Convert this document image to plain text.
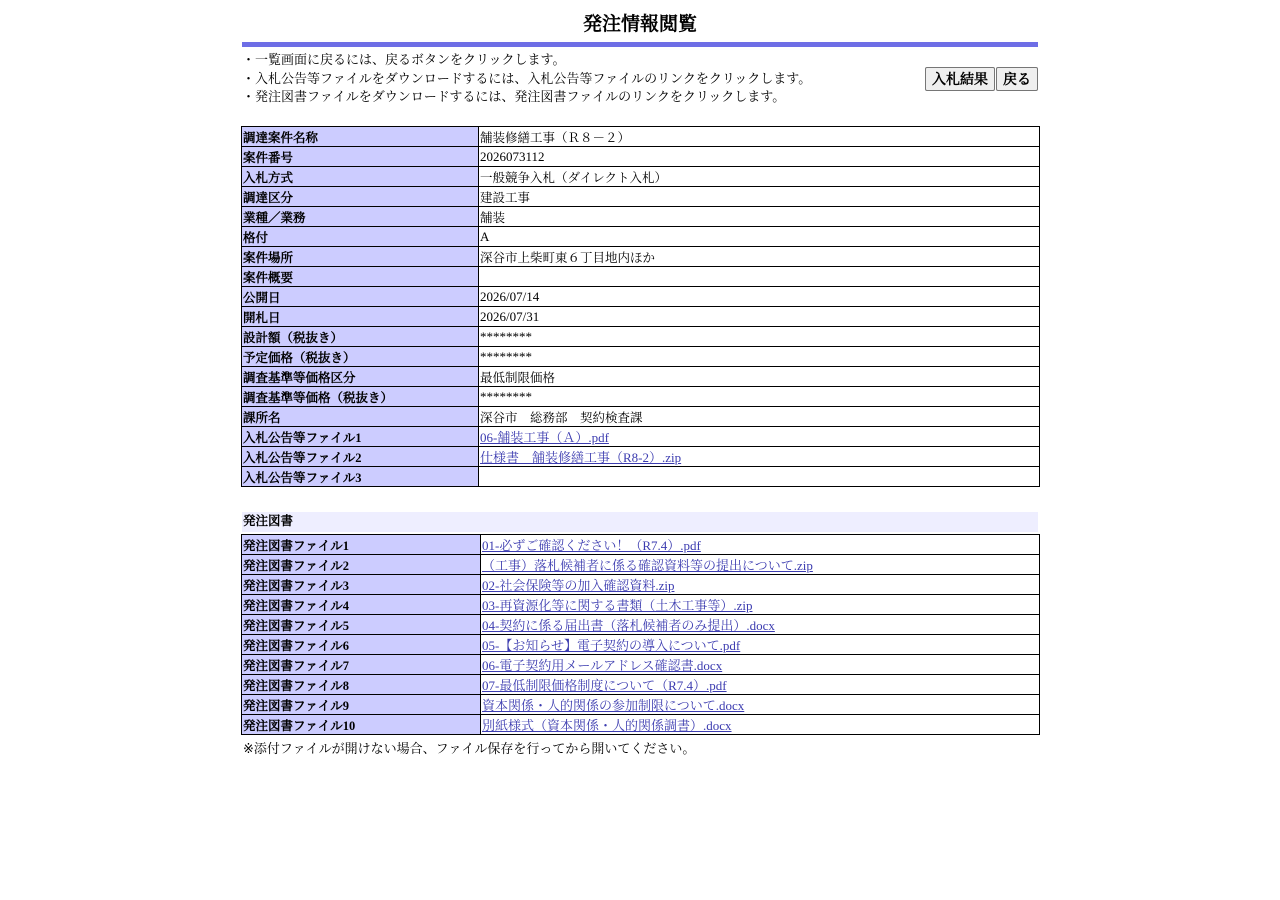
発注情報閲覧
・一覧画面に戻るには、戻るボタンをクリックします。
・入札公告等ファイルをダウンロードするには、入札公告等ファイルのリンクをクリックします。
・発注図書ファイルをダウンロードするには、発注図書ファイルのリンクをクリックします。
入札結果 戻る
調達案件名称	舗装修繕工事（Ｒ８－２）
案件番号	2026073112
入札方式	一般競争入札（ダイレクト入札）
調達区分	建設工事
業種／業務	舗装
格付	A
案件場所	深谷市上柴町東６丁目地内ほか
案件概要	
公開日	2026/07/14
開札日	2026/07/31
設計額（税抜き）	********
予定価格（税抜き）	********
調査基準等価格区分	最低制限価格
調査基準等価格（税抜き）	********
課所名	深谷市　総務部　契約検査課
入札公告等ファイル1	06-舗装工事（Ａ）.pdf
入札公告等ファイル2	仕様書　舗装修繕工事（R8-2）.zip
入札公告等ファイル3	
発注図書
発注図書ファイル1	01-必ずご確認ください！（R7.4）.pdf
発注図書ファイル2	（工事）落札候補者に係る確認資料等の提出について.zip
発注図書ファイル3	02-社会保険等の加入確認資料.zip
発注図書ファイル4	03-再資源化等に関する書類（土木工事等）.zip
発注図書ファイル5	04-契約に係る届出書（落札候補者のみ提出）.docx
発注図書ファイル6	05-【お知らせ】電子契約の導入について.pdf
発注図書ファイル7	06-電子契約用メールアドレス確認書.docx
発注図書ファイル8	07-最低制限価格制度について（R7.4）.pdf
発注図書ファイル9	資本関係・人的関係の参加制限について.docx
発注図書ファイル10	別紙様式（資本関係・人的関係調書）.docx
※添付ファイルが開けない場合、ファイル保存を行ってから開いてください。
